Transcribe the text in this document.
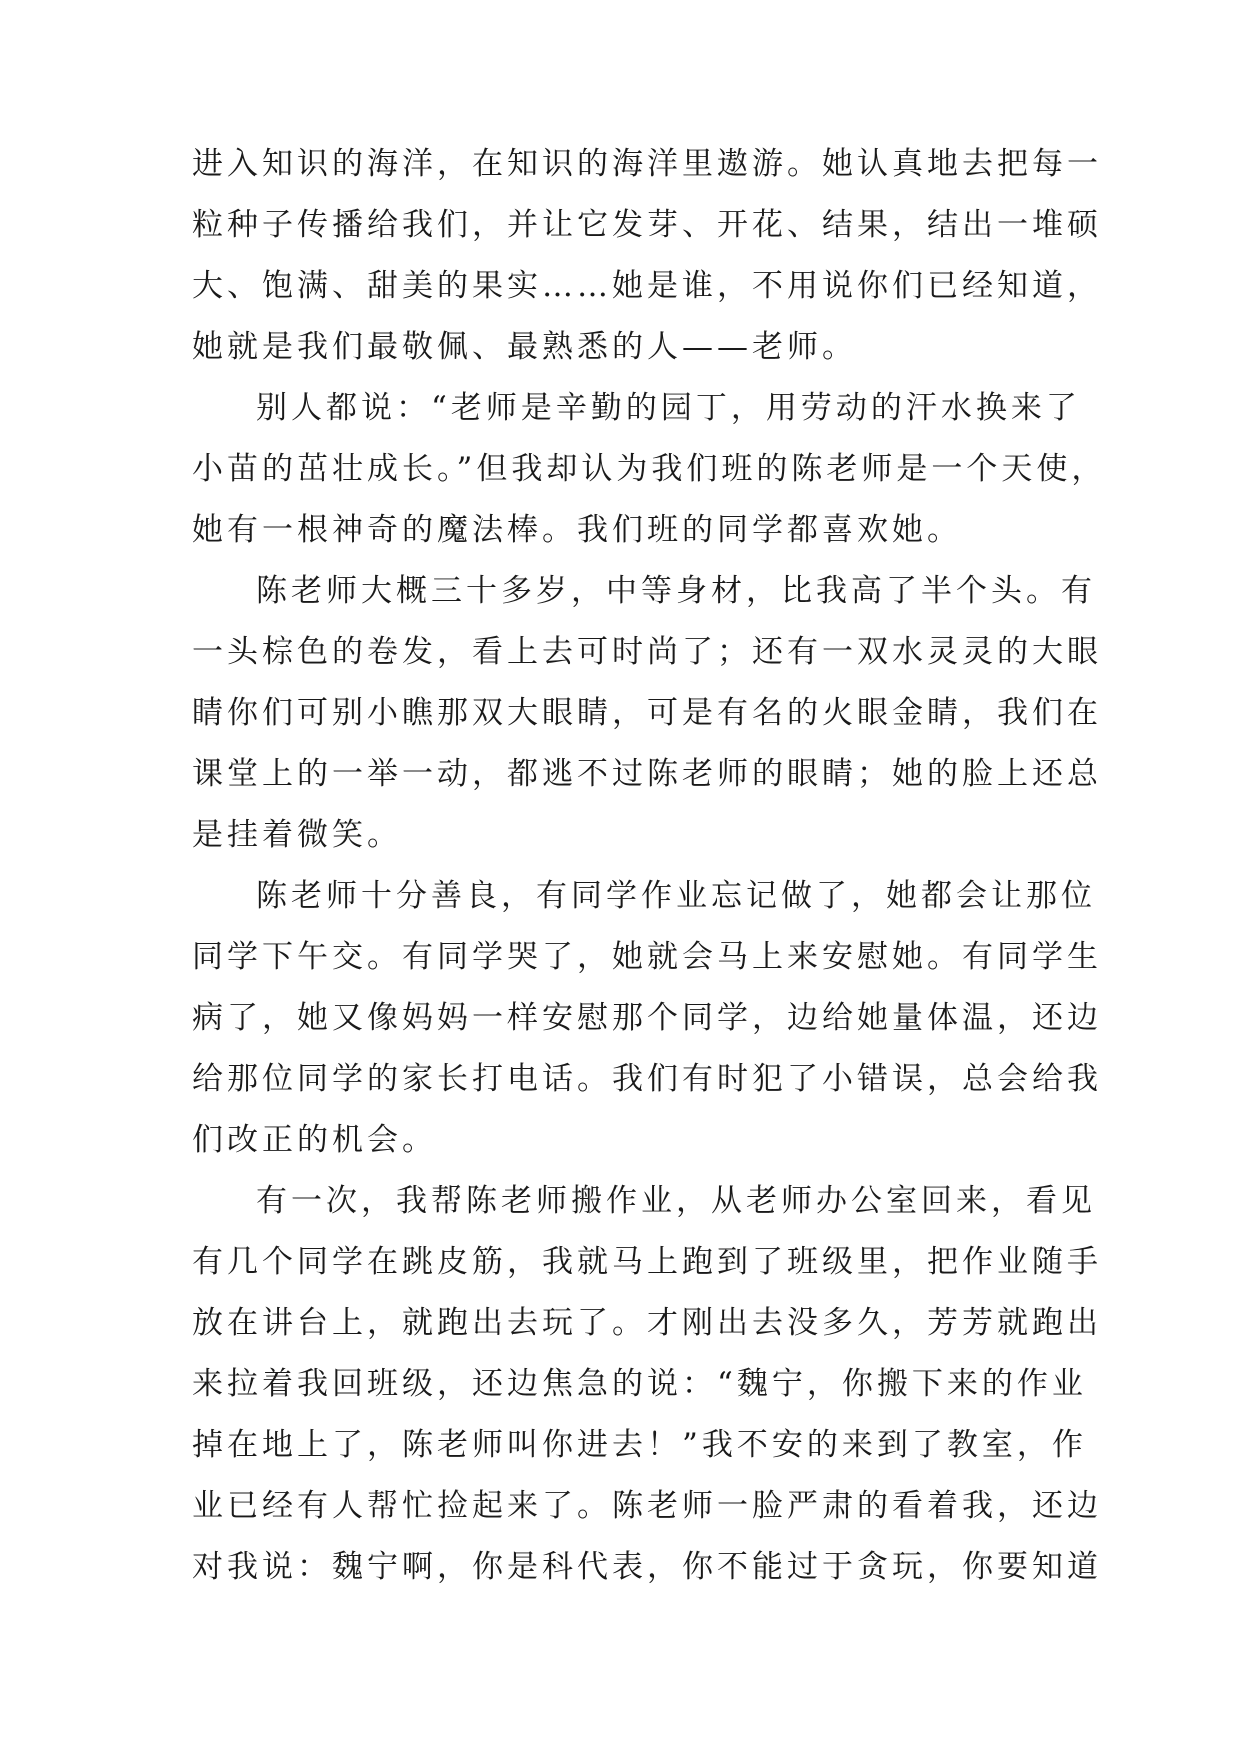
进入知识的海洋，在知识的海洋里遨游。她认真地去把每一
粒种子传播给我们，并让它发芽、开花、结果，结出一堆硕
大、饱满、甜美的果实……她是谁，不用说你们已经知道，
她就是我们最敬佩、最熟悉的人——老师。
别人都说：“老师是辛勤的园丁，用劳动的汗水换来了
小苗的茁壮成长。”但我却认为我们班的陈老师是一个天使，
她有一根神奇的魔法棒。我们班的同学都喜欢她。
陈老师大概三十多岁，中等身材，比我高了半个头。有
一头棕色的卷发，看上去可时尚了；还有一双水灵灵的大眼
睛你们可别小瞧那双大眼睛，可是有名的火眼金睛，我们在
课堂上的一举一动，都逃不过陈老师的眼睛；她的脸上还总
是挂着微笑。
陈老师十分善良，有同学作业忘记做了，她都会让那位
同学下午交。有同学哭了，她就会马上来安慰她。有同学生
病了，她又像妈妈一样安慰那个同学，边给她量体温，还边
给那位同学的家长打电话。我们有时犯了小错误，总会给我
们改正的机会。
有一次，我帮陈老师搬作业，从老师办公室回来，看见
有几个同学在跳皮筋，我就马上跑到了班级里，把作业随手
放在讲台上，就跑出去玩了。才刚出去没多久，芳芳就跑出
来拉着我回班级，还边焦急的说：“魏宁，你搬下来的作业
掉在地上了，陈老师叫你进去！”我不安的来到了教室，作
业已经有人帮忙捡起来了。陈老师一脸严肃的看着我，还边
对我说：魏宁啊，你是科代表，你不能过于贪玩，你要知道
